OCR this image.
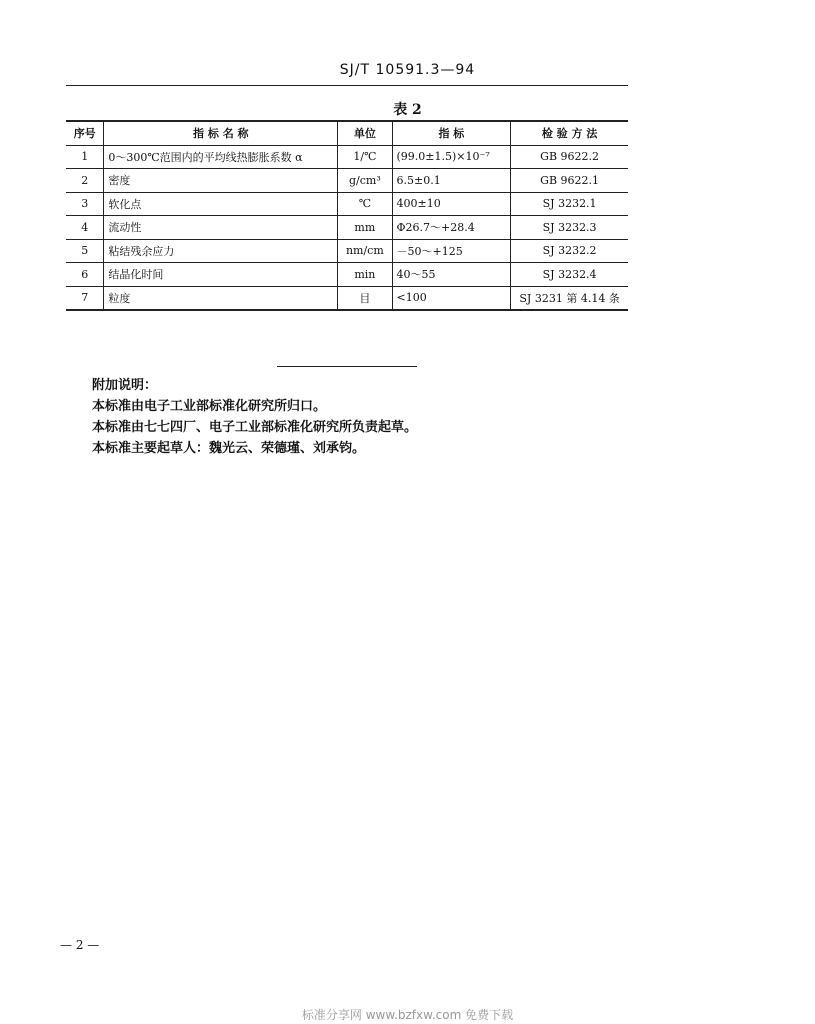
SJ/T 10591.3—94
表 2
序号	指 标 名 称	单位	指 标	检 验 方 法
1	0～300℃范围内的平均线热膨胀系数 α	1/℃	(99.0±1.5)×10⁻⁷	GB 9622.2
2	密度	g/cm³	6.5±0.1	GB 9622.1
3	软化点	℃	400±10	SJ 3232.1
4	流动性	mm	Φ26.7～+28.4	SJ 3232.3
5	粘结残余应力	nm/cm	－50～+125	SJ 3232.2
6	结晶化时间	min	40～55	SJ 3232.4
7	粒度	目	<100	SJ 3231 第 4.14 条
附加说明：
本标准由电子工业部标准化研究所归口。
本标准由七七四厂、电子工业部标准化研究所负责起草。
本标准主要起草人：魏光云、荣德瑾、刘承钧。
— 2 —
标准分享网 www.bzfxw.com 免费下载
